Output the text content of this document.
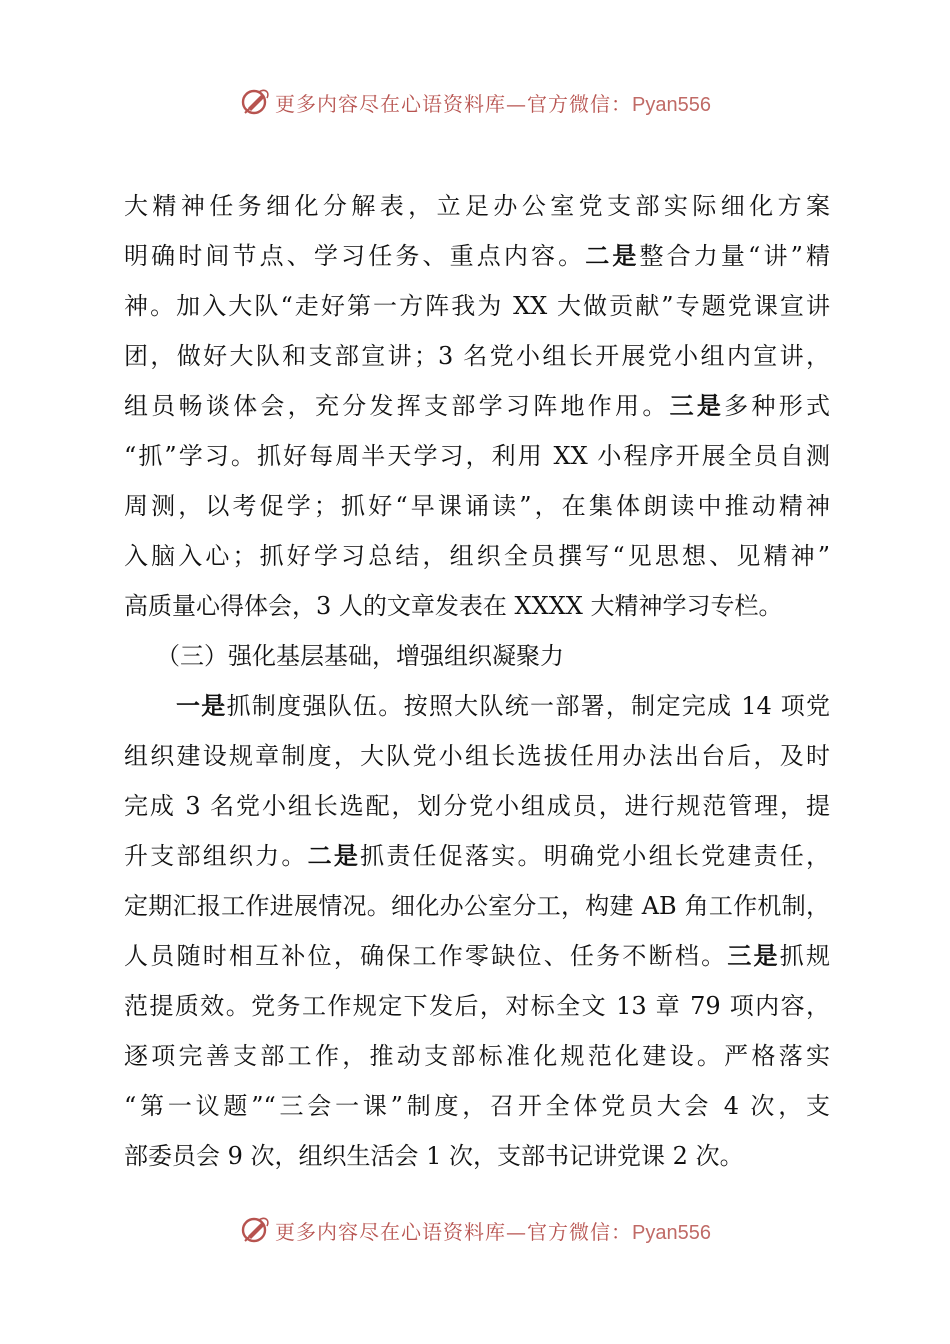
更多内容尽在心语资料库—官方微信：Pyan556
大精神任务细化分解表，立足办公室党支部实际细化方案
明确时间节点、学习任务、重点内容。二是整合力量“讲”精
神。加入大队“走好第一方阵我为 XX 大做贡献”专题党课宣讲
团，做好大队和支部宣讲；3 名党小组长开展党小组内宣讲，
组员畅谈体会，充分发挥支部学习阵地作用。三是多种形式
“抓”学习。抓好每周半天学习，利用 XX 小程序开展全员自测
周测，以考促学；抓好“早课诵读”，在集体朗读中推动精神
入脑入心；抓好学习总结，组织全员撰写“见思想、见精神”
高质量心得体会，3 人的文章发表在 XXXX 大精神学习专栏。
（三）强化基层基础，增强组织凝聚力
一是抓制度强队伍。按照大队统一部署，制定完成 14 项党
组织建设规章制度，大队党小组长选拔任用办法出台后，及时
完成 3 名党小组长选配，划分党小组成员，进行规范管理，提
升支部组织力。二是抓责任促落实。明确党小组长党建责任，
定期汇报工作进展情况。细化办公室分工，构建 AB 角工作机制，
人员随时相互补位，确保工作零缺位、任务不断档。三是抓规
范提质效。党务工作规定下发后，对标全文 13 章 79 项内容，
逐项完善支部工作，推动支部标准化规范化建设。严格落实
“第一议题”“三会一课”制度，召开全体党员大会 4 次，支
部委员会 9 次，组织生活会 1 次，支部书记讲党课 2 次。
更多内容尽在心语资料库—官方微信：Pyan556
